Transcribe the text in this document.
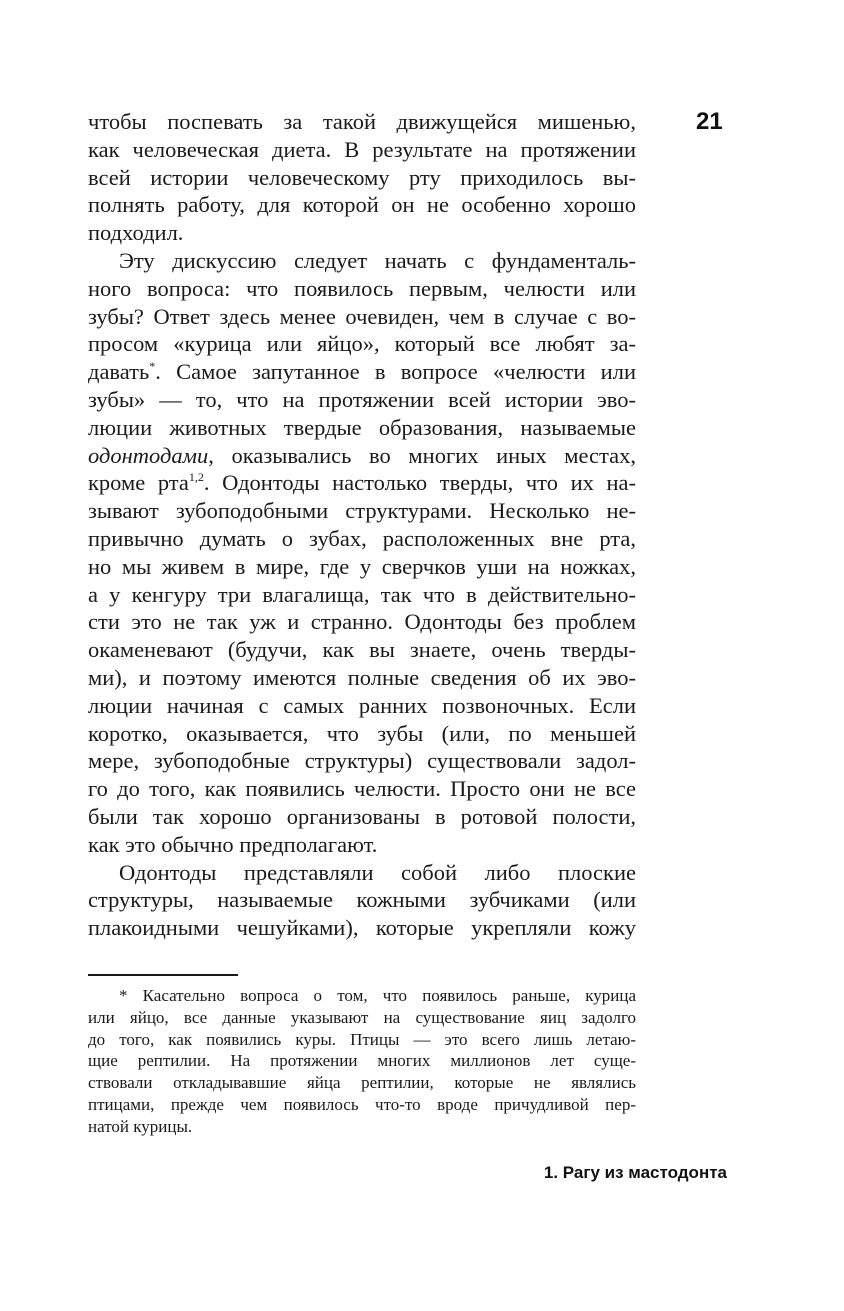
21
чтобы поспевать за такой движущейся мишенью,
как человеческая диета. В результате на протяжении
всей истории человеческому рту приходилось вы-
полнять работу, для которой он не особенно хорошо
подходил.
Эту дискуссию следует начать с фундаменталь-
ного вопроса: что появилось первым, челюсти или
зубы? Ответ здесь менее очевиден, чем в случае с во-
просом «курица или яйцо», который все любят за-
давать*. Самое запутанное в вопросе «челюсти или
зубы» — то, что на протяжении всей истории эво-
люции животных твердые образования, называемые
одонтодами, оказывались во многих иных местах,
кроме рта$^{1,2}$. Одонтоды настолько тверды, что их на-
зывают зубоподобными структурами. Несколько не-
привычно думать о зубах, расположенных вне рта,
но мы живем в мире, где у сверчков уши на ножках,
а у кенгуру три влагалища, так что в действительно-
сти это не так уж и странно. Одонтоды без проблем
окаменевают (будучи, как вы знаете, очень тверды-
ми), и поэтому имеются полные сведения об их эво-
люции начиная с самых ранних позвоночных. Если
коротко, оказывается, что зубы (или, по меньшей
мере, зубоподобные структуры) существовали задол-
го до того, как появились челюсти. Просто они не все
были так хорошо организованы в ротовой полости,
как это обычно предполагают.
Одонтоды представляли собой либо плоские
структуры, называемые кожными зубчиками (или
плакоидными чешуйками), которые укрепляли кожу
* Касательно вопроса о том, что появилось раньше, курица
или яйцо, все данные указывают на существование яиц задолго
до того, как появились куры. Птицы — это всего лишь летаю-
щие рептилии. На протяжении многих миллионов лет суще-
ствовали откладывавшие яйца рептилии, которые не являлись
птицами, прежде чем появилось что-то вроде причудливой пер-
натой курицы.
1. Рагу из мастодонта
